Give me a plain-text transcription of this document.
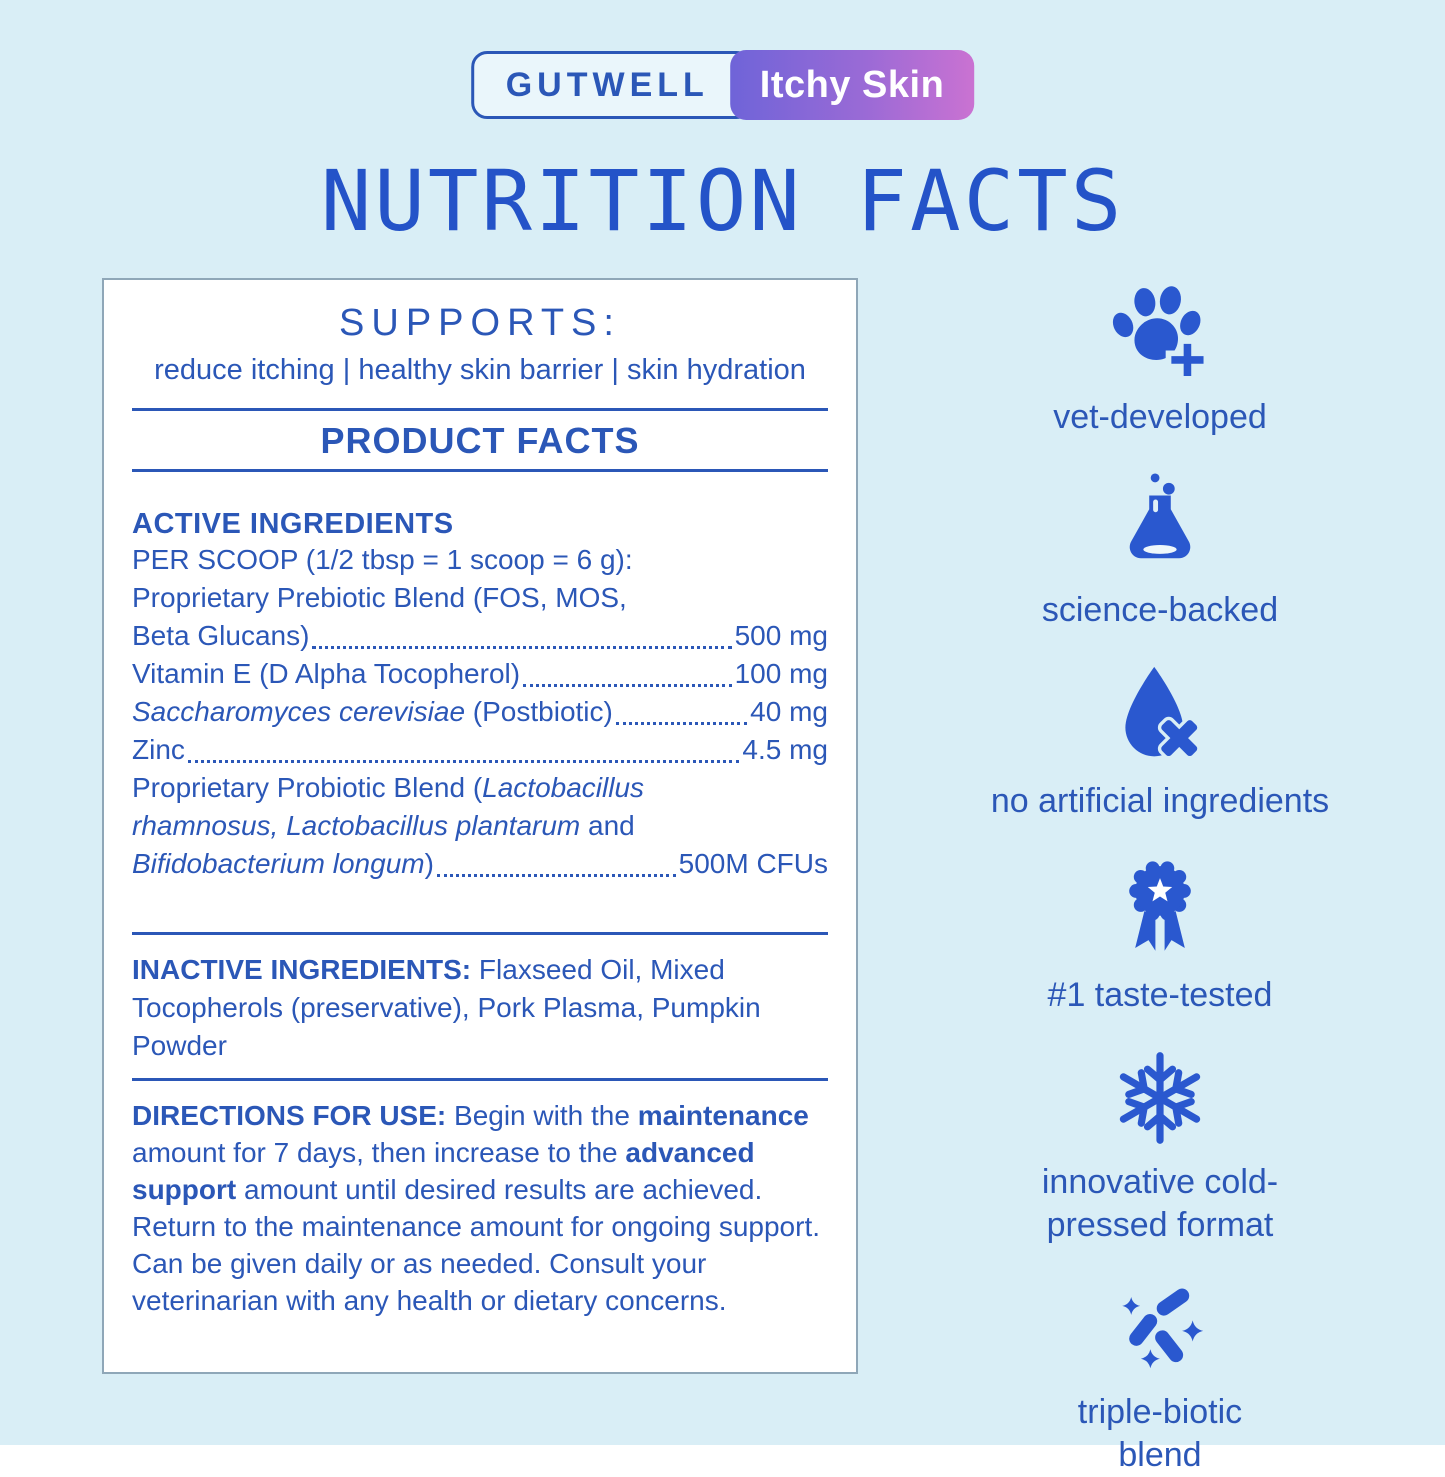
GUTWELL Itchy Skin
NUTRITION FACTS
SUPPORTS:
reduce itching | healthy skin barrier | skin hydration
PRODUCT FACTS
ACTIVE INGREDIENTS
PER SCOOP (1/2 tbsp = 1 scoop = 6 g):
Proprietary Prebiotic Blend (FOS, MOS,
Beta Glucans)	500 mg
Vitamin E (D Alpha Tocopherol)	100 mg
Saccharomyces cerevisiae (Postbiotic)	40 mg
Zinc	4.5 mg
Proprietary Probiotic Blend (Lactobacillus
rhamnosus, Lactobacillus plantarum and
Bifidobacterium longum)	500M CFUs

INACTIVE INGREDIENTS: Flaxseed Oil, Mixed Tocopherols (preservative), Pork Plasma, Pumpkin Powder

DIRECTIONS FOR USE: Begin with the maintenance amount for 7 days, then increase to the advanced support amount until desired results are achieved. Return to the maintenance amount for ongoing support. Can be given daily or as needed. Consult your veterinarian with any health or dietary concerns.

vet-developed
science-backed
no artificial ingredients
#1 taste-tested
innovative cold-
pressed format
triple-biotic
blend
